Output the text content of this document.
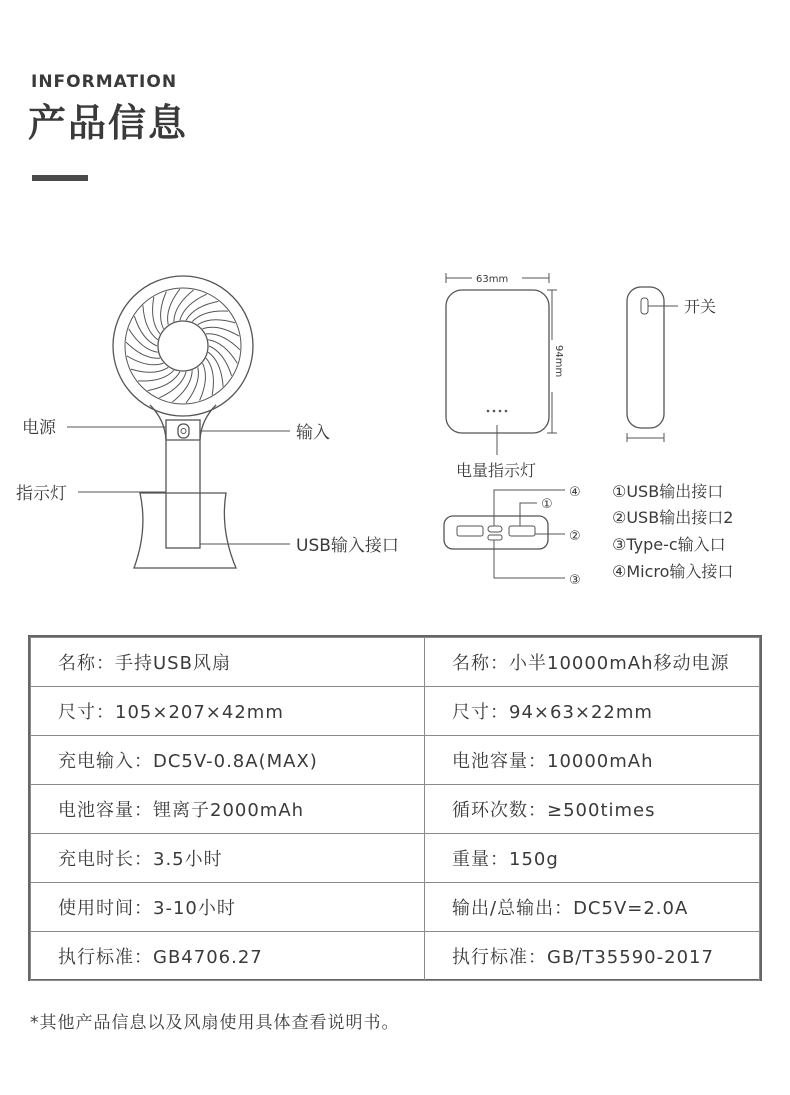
INFORMATION
产品信息
电源
指示灯
输入
USB输入接口
63mm
94mm
电量指示灯
开关
④
①
②
③
①USB输出接口
②USB输出接口2
③Type-c输入口
④Micro输入接口
名称：手持USB风扇	名称：小半10000mAh移动电源
尺寸：105×207×42mm	尺寸：94×63×22mm
充电输入：DC5V-0.8A(MAX)	电池容量：10000mAh
电池容量：锂离子2000mAh	循环次数：≥500times
充电时长：3.5小时	重量：150g
使用时间：3-10小时	输出/总输出：DC5V=2.0A
执行标准：GB4706.27	执行标准：GB/T35590-2017
*其他产品信息以及风扇使用具体查看说明书。
